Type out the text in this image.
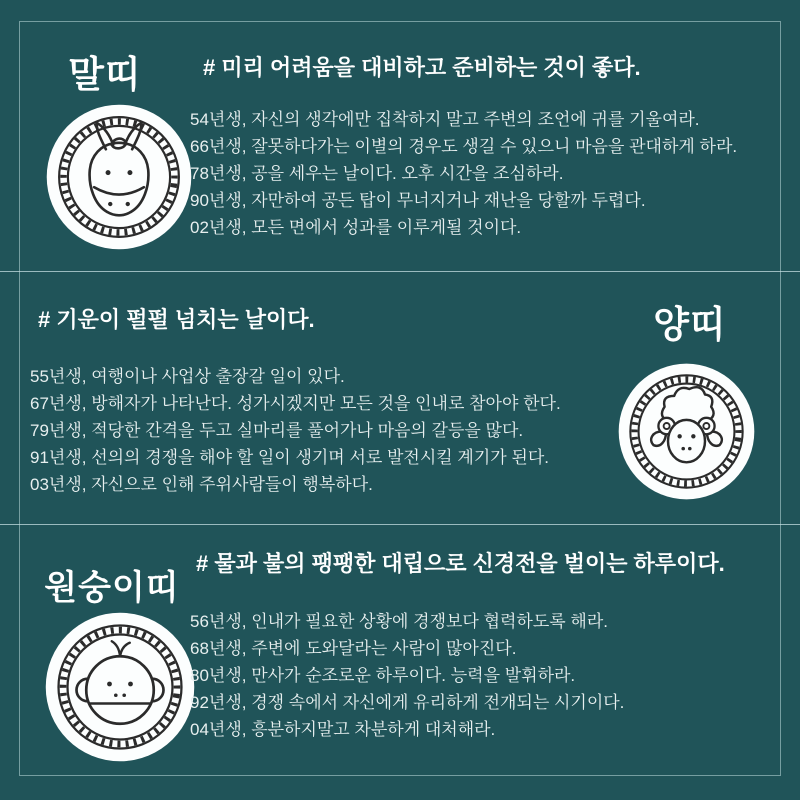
말띠	# 미리 어려움을 대비하고 준비하는 것이 좋다.
54년생, 자신의 생각에만 집착하지 말고 주변의 조언에 귀를 기울여라.
66년생, 잘못하다가는 이별의 경우도 생길 수 있으니 마음을 관대하게 하라.
78년생, 공을 세우는 날이다. 오후 시간을 조심하라.
90년생, 자만하여 공든 탑이 무너지거나 재난을 당할까 두렵다.
02년생, 모든 면에서 성과를 이루게될 것이다.
양띠
# 기운이 펄펄 넘치는 날이다.
55년생, 여행이나 사업상 출장갈 일이 있다.
67년생, 방해자가 나타난다. 성가시겠지만 모든 것을 인내로 참아야 한다.
79년생, 적당한 간격을 두고 실마리를 풀어가나 마음의 갈등을 많다.
91년생, 선의의 경쟁을 해야 할 일이 생기며 서로 발전시킬 계기가 된다.
03년생, 자신으로 인해 주위사람들이 행복하다.
원숭이띠
# 물과 불의 팽팽한 대립으로 신경전을 벌이는 하루이다.
56년생, 인내가 필요한 상황에 경쟁보다 협력하도록 해라.
68년생, 주변에 도와달라는 사람이 많아진다.
80년생, 만사가 순조로운 하루이다. 능력을 발휘하라.
92년생, 경쟁 속에서 자신에게 유리하게 전개되는 시기이다.
04년생, 흥분하지말고 차분하게 대처해라.
